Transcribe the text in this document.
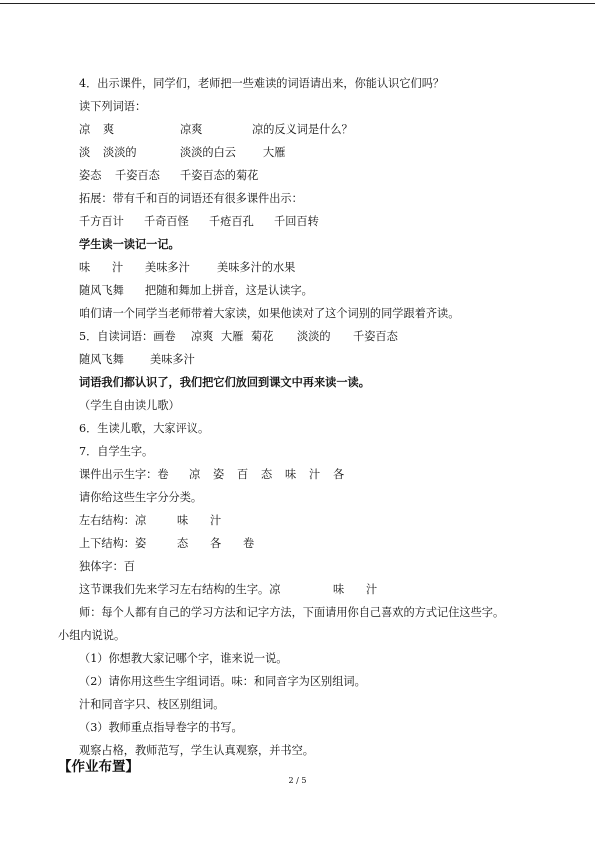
4．出示课件，同学们，老师把一些难读的词语请出来，你能认识它们吗？
读下列词语：
凉 爽	凉爽	凉的反义词是什么？
淡 淡淡的	淡淡的白云 大雁
姿态 千姿百态 千姿百态的菊花
拓展：带有千和百的词语还有很多课件出示：
千方百计 千奇百怪 千疮百孔 千回百转
学生读一读记一记。
味 汁 美味多汁 美味多汁的水果
随风飞舞 把随和舞加上拼音，这是认读字。
咱们请一个同学当老师带着大家读，如果他读对了这个词别的同学跟着齐读。
5．自读词语：画卷 凉爽 大雁 菊花 淡淡的 千姿百态
随风飞舞 美味多汁
词语我们都认识了，我们把它们放回到课文中再来读一读。
（学生自由读儿歌）
6．生读儿歌，大家评议。
7．自学生字。
课件出示生字：卷 凉 姿 百 态 味 汁 各
请你给这些生字分分类。
左右结构：凉	味 汁
上下结构：姿	态 各 卷
独体字：百
这节课我们先来学习左右结构的生字。凉	味 汁
师：每个人都有自己的学习方法和记字方法，下面请用你自己喜欢的方式记住这些字。
小组内说说。
（1）你想教大家记哪个字，谁来说一说。
（2）请你用这些生字组词语。味：和同音字为区别组词。
汁和同音字只、枝区别组词。
（3）教师重点指导卷字的书写。
观察占格，教师范写，学生认真观察，并书空。
【作业布置】
2 / 5
